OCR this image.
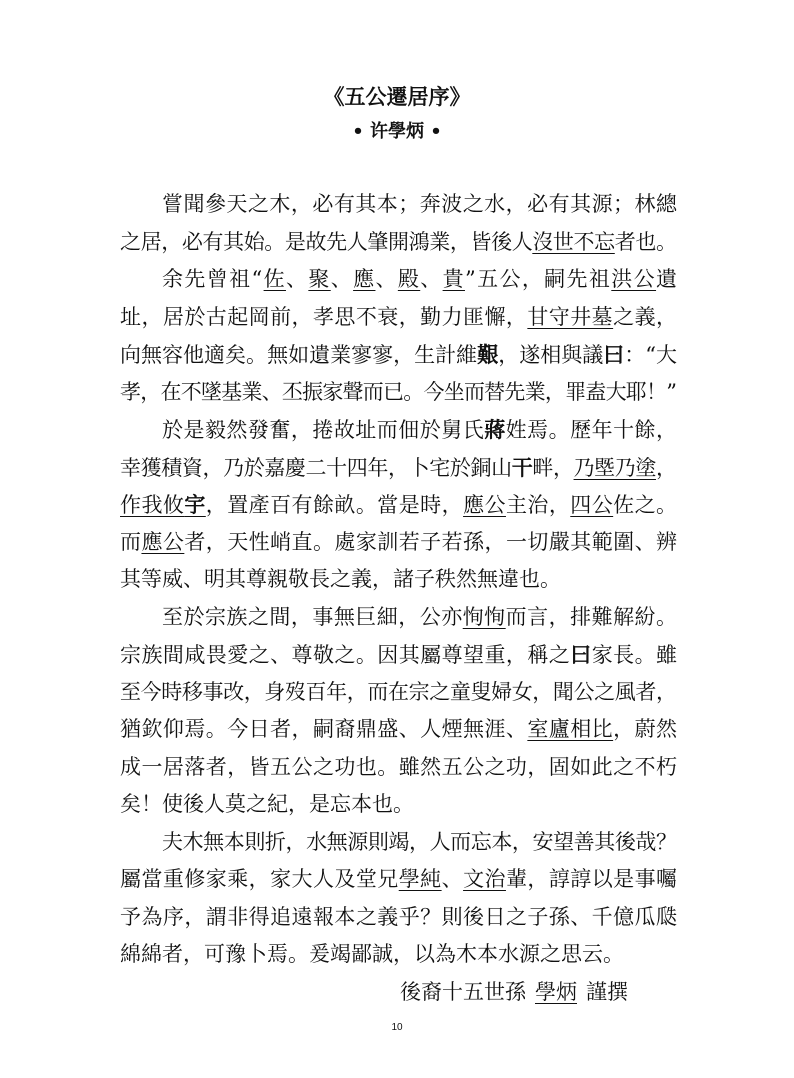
《五公遷居序》
• 许學炳 •
嘗聞參天之木，必有其本；奔波之水，必有其源；林總
之居，必有其始。是故先人肇開鴻業，皆後人沒世不忘者也。
余先曾祖“佐、聚、應、殿、貴”五公，嗣先祖洪公遺
址，居於古起岡前，孝思不衰，勤力匪懈，甘守井墓之義，
向無容他適矣。無如遺業寥寥，生計維艱，遂相與議曰：“大
孝，在不墜基業、丕振家聲而已。今坐而替先業，罪盍大耶！”
於是毅然發奮，捲故址而佃於舅氏蔣姓焉。歷年十餘，
幸獲積資，乃於嘉慶二十四年，卜宅於銅山干畔，乃塈乃塗，
作我攸宇，置產百有餘畝。當是時，應公主治，四公佐之。
而應公者，天性峭直。處家訓若子若孫，一切嚴其範圍、辨
其等威、明其尊親敬長之義，諸子秩然無違也。
至於宗族之間，事無巨細，公亦恂恂而言，排難解紛。
宗族間咸畏愛之、尊敬之。因其屬尊望重，稱之曰家長。雖
至今時移事改，身歿百年，而在宗之童叟婦女，聞公之風者，
猶欽仰焉。今日者，嗣裔鼎盛、人煙無涯、室廬相比，蔚然
成一居落者，皆五公之功也。雖然五公之功，固如此之不朽
矣！使後人莫之紀，是忘本也。
夫木無本則折，水無源則竭，人而忘本，安望善其後哉？
屬當重修家乘，家大人及堂兄學純、文治輩，諄諄以是事囑
予為序，謂非得追遠報本之義乎？則後日之子孫、千億瓜瓞
綿綿者，可豫卜焉。爰竭鄙誠，以為木本水源之思云。
後裔十五世孫 學炳 謹撰
10
